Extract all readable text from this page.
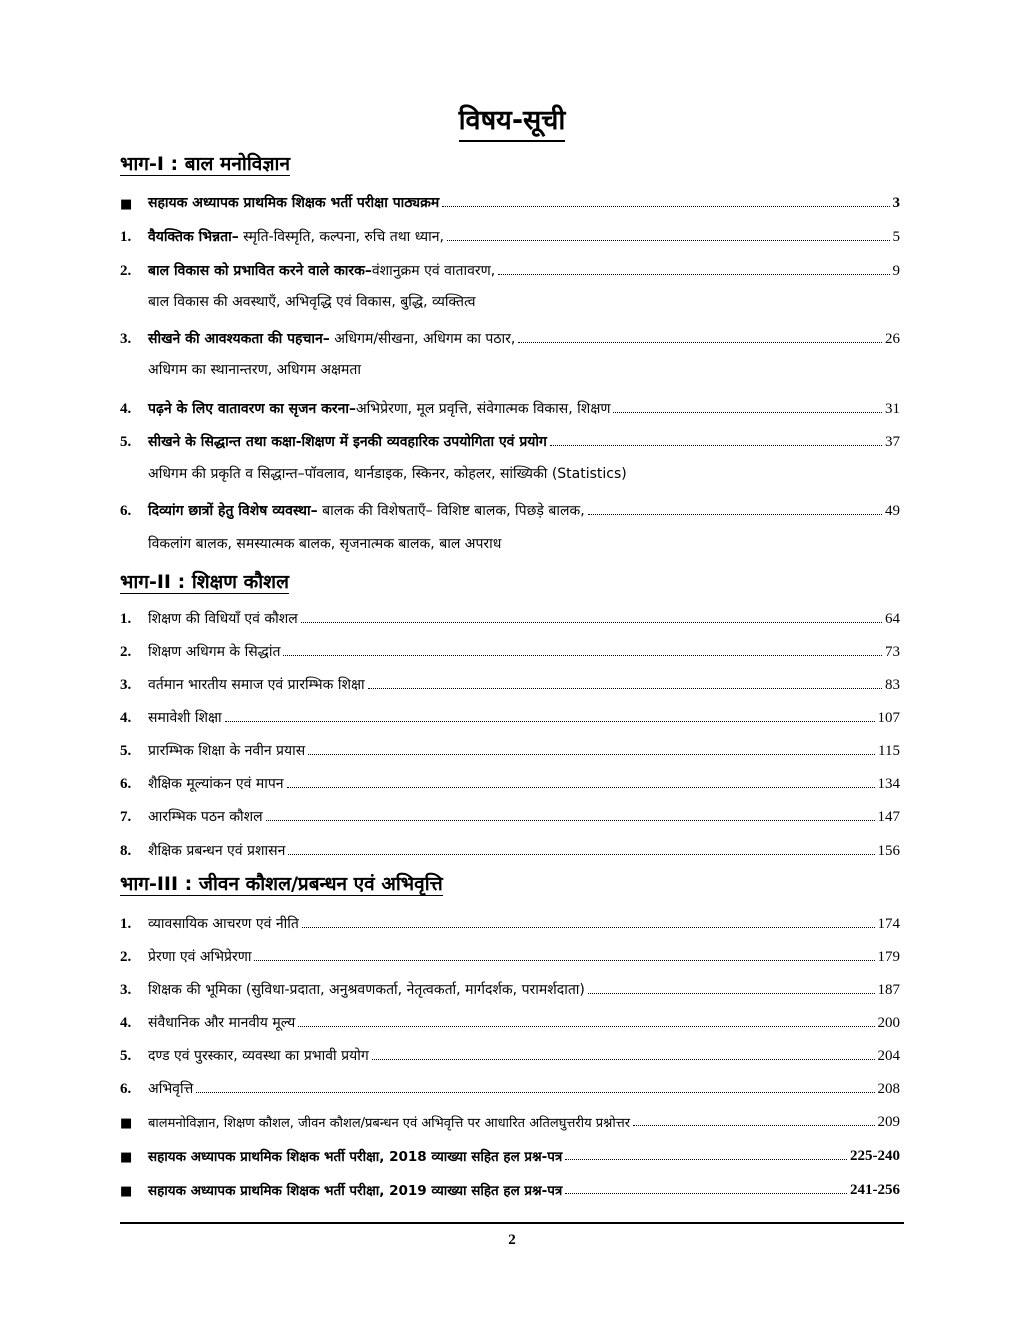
विषय-सूची
भाग-I : बाल मनोविज्ञान
■	सहायक अध्यापक प्राथमिक शिक्षक भर्ती परीक्षा पाठ्यक्रम	3
1.	वैयक्तिक भिन्नता– स्मृति-विस्मृति, कल्पना, रुचि तथा ध्यान,	5
2.	बाल विकास को प्रभावित करने वाले कारक–वंशानुक्रम एवं वातावरण,	9
बाल विकास की अवस्थाएँ, अभिवृद्धि एवं विकास, बुद्धि, व्यक्तित्व
3.	सीखने की आवश्यकता की पहचान– अधिगम/सीखना, अधिगम का पठार,	26
अधिगम का स्थानान्तरण, अधिगम अक्षमता
4.	पढ़ने के लिए वातावरण का सृजन करना–अभिप्रेरणा, मूल प्रवृत्ति, संवेगात्मक विकास, शिक्षण	31
5.	सीखने के सिद्धान्त तथा कक्षा-शिक्षण में इनकी व्यवहारिक उपयोगिता एवं प्रयोग	37
अधिगम की प्रकृति व सिद्धान्त–पॉवलाव, थार्नडाइक, स्किनर, कोहलर, सांख्यिकी (Statistics)
6.	दिव्यांग छात्रों हेतु विशेष व्यवस्था– बालक की विशेषताएँ– विशिष्ट बालक, पिछड़े बालक,	49
विकलांग बालक, समस्यात्मक बालक, सृजनात्मक बालक, बाल अपराध
भाग-II : शिक्षण कौशल
1.	शिक्षण की विधियाँ एवं कौशल	64
2.	शिक्षण अधिगम के सिद्धांत	73
3.	वर्तमान भारतीय समाज एवं प्रारम्भिक शिक्षा	83
4.	समावेशी शिक्षा	107
5.	प्रारम्भिक शिक्षा के नवीन प्रयास	115
6.	शैक्षिक मूल्यांकन एवं मापन	134
7.	आरम्भिक पठन कौशल	147
8.	शैक्षिक प्रबन्धन एवं प्रशासन	156
भाग-III : जीवन कौशल/प्रबन्धन एवं अभिवृत्ति
1.	व्यावसायिक आचरण एवं नीति	174
2.	प्रेरणा एवं अभिप्रेरणा	179
3.	शिक्षक की भूमिका (सुविधा-प्रदाता, अनुश्रवणकर्ता, नेतृत्वकर्ता, मार्गदर्शक, परामर्शदाता)	187
4.	संवैधानिक और मानवीय मूल्य	200
5.	दण्ड एवं पुरस्कार, व्यवस्था का प्रभावी प्रयोग	204
6.	अभिवृत्ति	208
■	बालमनोविज्ञान, शिक्षण कौशल, जीवन कौशल/प्रबन्धन एवं अभिवृत्ति पर आधारित अतिलघुत्तरीय प्रश्नोत्तर	209
■	सहायक अध्यापक प्राथमिक शिक्षक भर्ती परीक्षा, 2018 व्याख्या सहित हल प्रश्न-पत्र	225-240
■	सहायक अध्यापक प्राथमिक शिक्षक भर्ती परीक्षा, 2019 व्याख्या सहित हल प्रश्न-पत्र	241-256
2
